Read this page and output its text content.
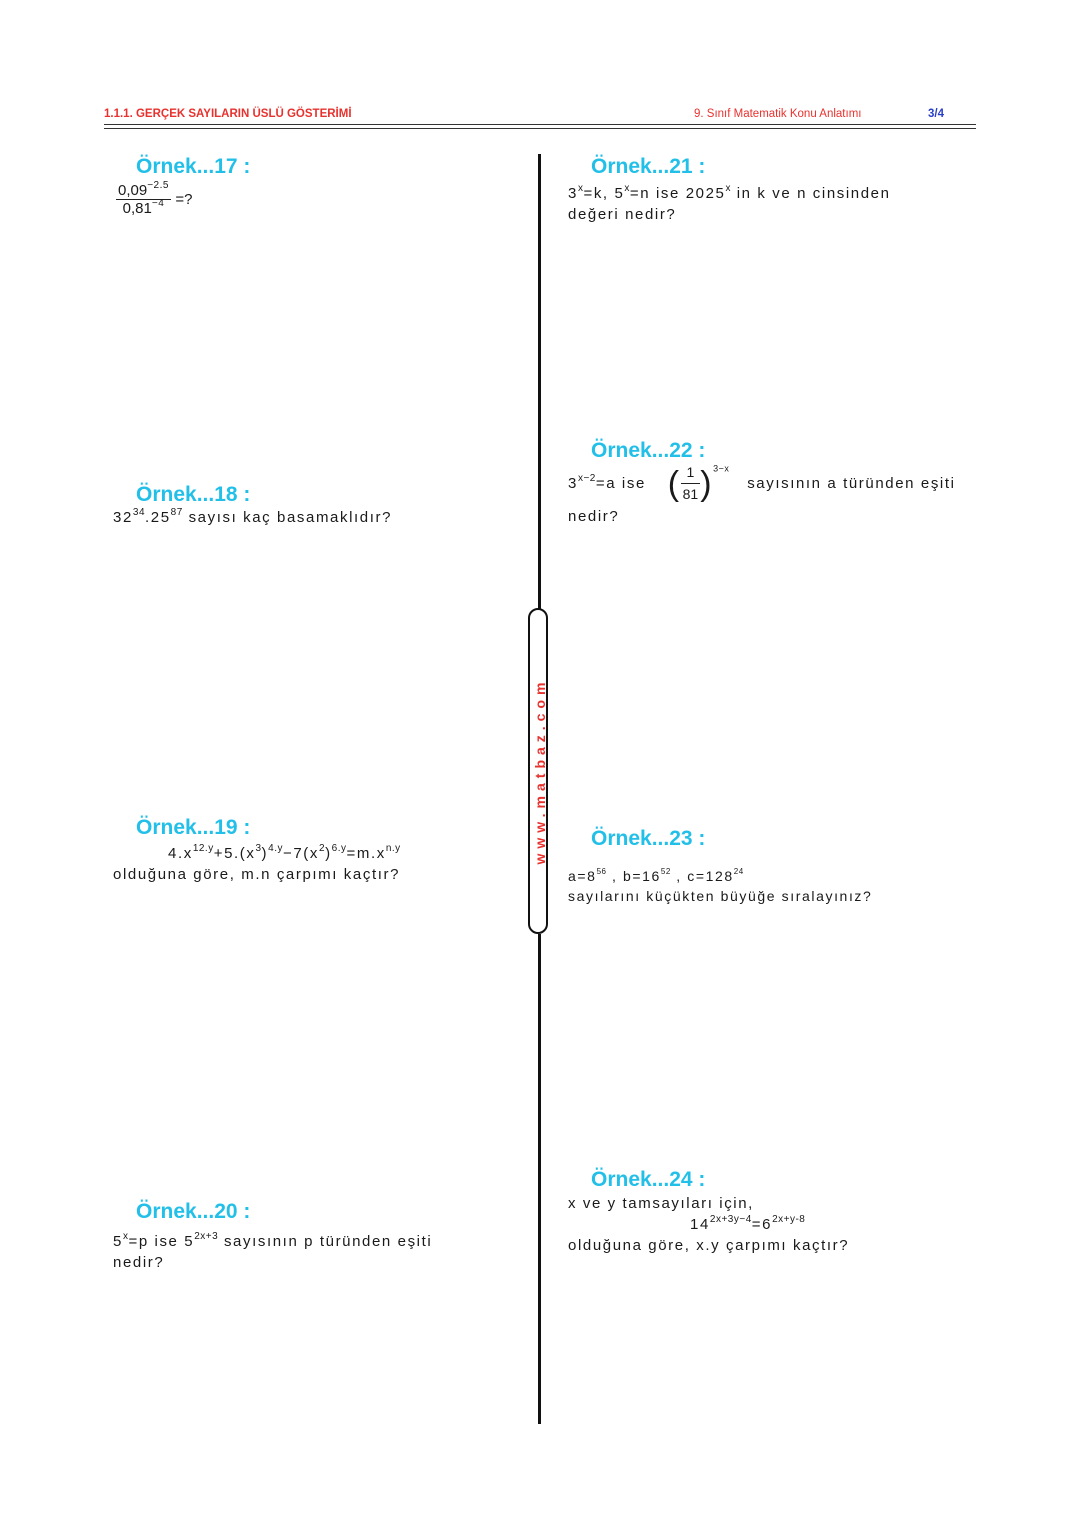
1.1.1. GERÇEK SAYILARIN ÜSLÜ GÖSTERİMİ	9. Sınıf Matematik Konu Anlatımı	3/4
www.matbaz.com
Örnek...17 :
$\frac{0,09^{-2.5}}{0,81^{-4}}$ =?
Örnek...18 :
$32^{34}.25^{87}$ sayısı kaç basamaklıdır?
Örnek...19 :
$4.x^{12.y}+5.(x^3)^{4.y}-7(x^2)^{6.y}=m.x^{n.y}$
olduğuna göre, m.n çarpımı kaçtır?
Örnek...20 :
$5^x=p$ ise $5^{2x+3}$ sayısının p türünden eşiti
nedir?
Örnek...21 :
$3^x=k$, $5^x=n$ ise 2025$^x$ in k ve n cinsinden
değeri nedir?
Örnek...22 :
$3^{x-2}=a$ ise ( $\frac{1}{81} )^{3-x}$ sayısının a türünden eşiti
nedir?
Örnek...23 :
$a=8^{56}$ , $b=16^{52}$ , $c=128^{24}$
sayılarını küçükten büyüğe sıralayınız?
Örnek...24 :
x ve y tamsayıları için,
$14^{2x+3y-4}=6^{2x+y-8}$
olduğuna göre, x.y çarpımı kaçtır?
